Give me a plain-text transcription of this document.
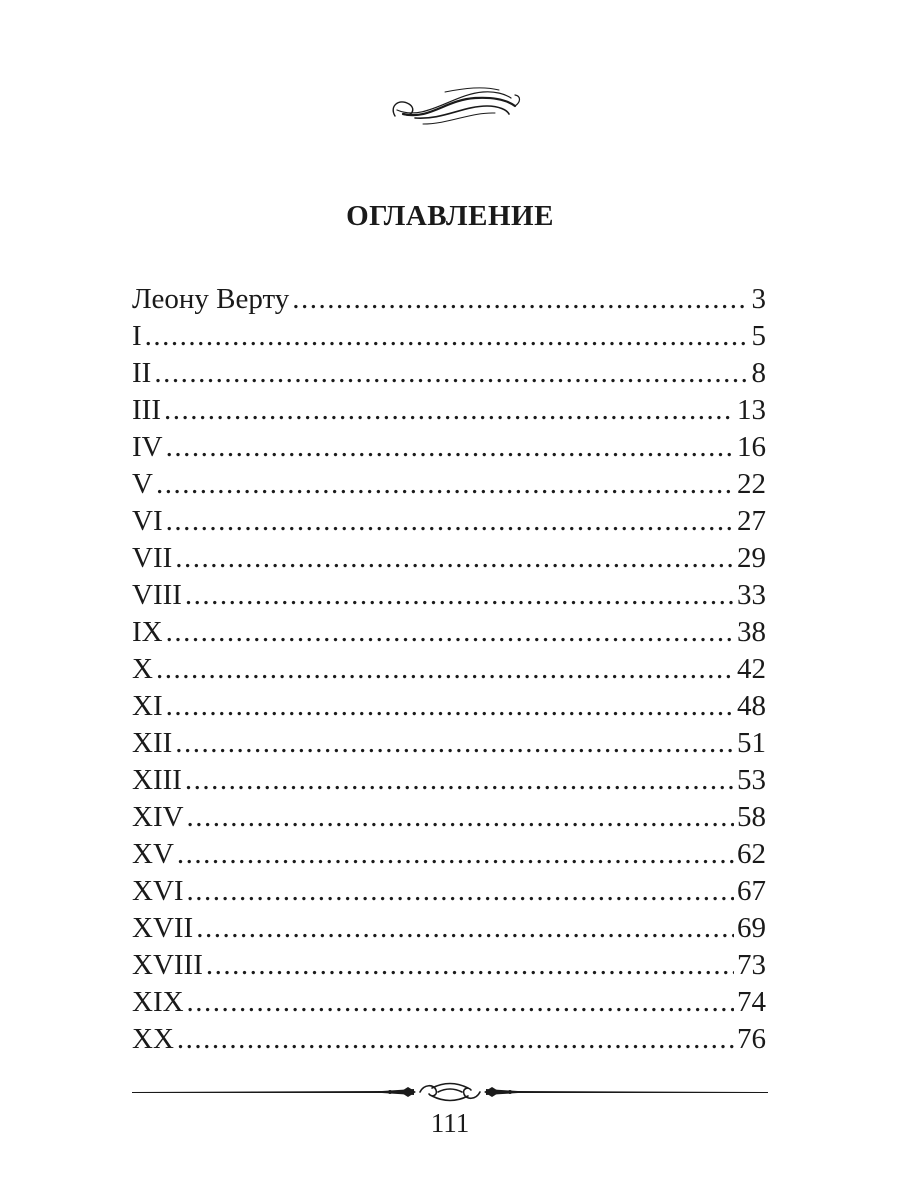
ОГЛАВЛЕНИЕ
Леону Верту .....	3
I .....	5
II .....	8
III .....	13
IV .....	16
V .....	22
VI .....	27
VII .....	29
VIII .....	33
IX .....	38
X .....	42
XI .....	48
XII .....	51
XIII .....	53
XIV .....	58
XV .....	62
XVI .....	67
XVII .....	69
XVIII .....	73
XIX .....	74
XX .....	76
111
